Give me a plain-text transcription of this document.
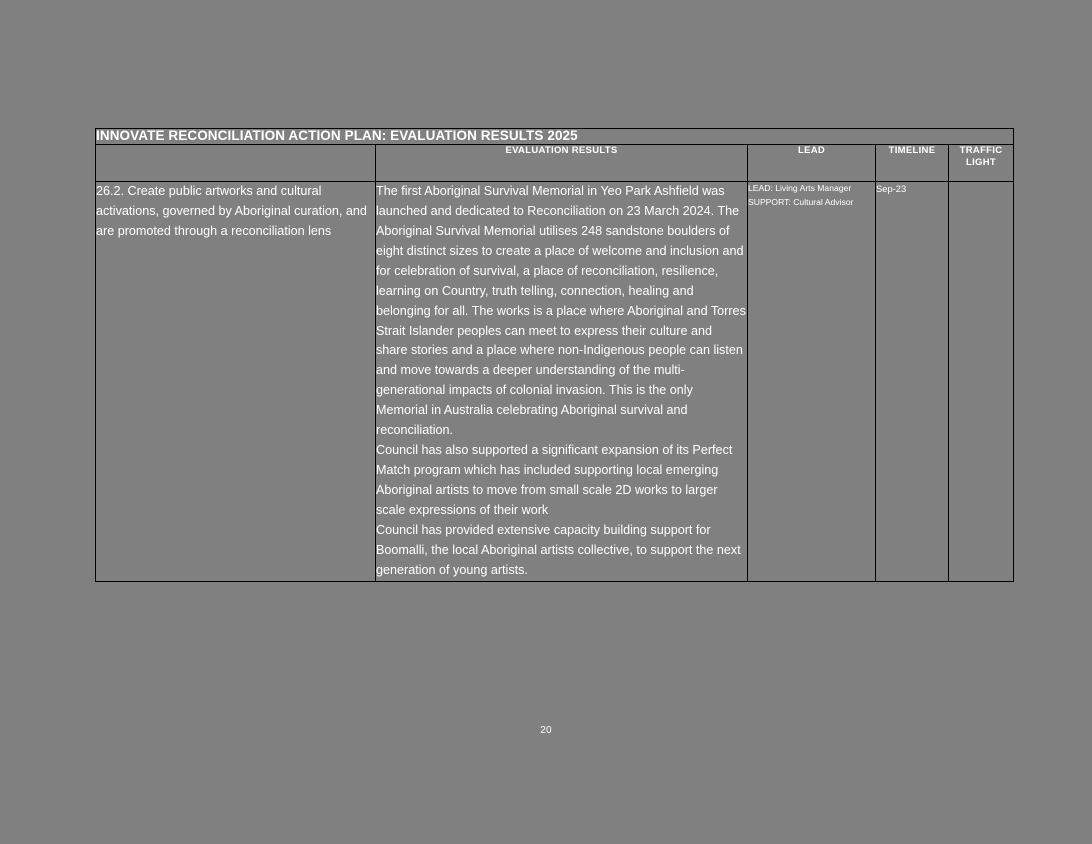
INNOVATE RECONCILIATION ACTION PLAN: EVALUATION RESULTS 2025				
	EVALUATION RESULTS	LEAD	TIMELINE	TRAFFIC LIGHT
26.2. Create public artworks and cultural activations, governed by Aboriginal curation, and are promoted through a reconciliation lens	The first Aboriginal Survival Memorial in Yeo Park Ashfield was launched and dedicated to Reconciliation on 23 March 2024. The Aboriginal Survival Memorial utilises 248 sandstone boulders of eight distinct sizes to create a place of welcome and inclusion and for celebration of survival, a place of reconciliation, resilience, learning on Country, truth telling, connection, healing and belonging for all. The works is a place where Aboriginal and Torres Strait Islander peoples can meet to express their culture and share stories and a place where non-Indigenous people can listen and move towards a deeper understanding of the multi-generational impacts of colonial invasion. This is the only Memorial in Australia celebrating Aboriginal survival and reconciliation.

Council has also supported a significant expansion of its Perfect Match program which has included supporting local emerging Aboriginal artists to move from small scale 2D works to larger scale expressions of their work

Council has provided extensive capacity building support for Boomalli, the local Aboriginal artists collective, to support the next generation of young artists.	LEAD: Living Arts Manager SUPPORT: Cultural Advisor	Sep-23	
20
